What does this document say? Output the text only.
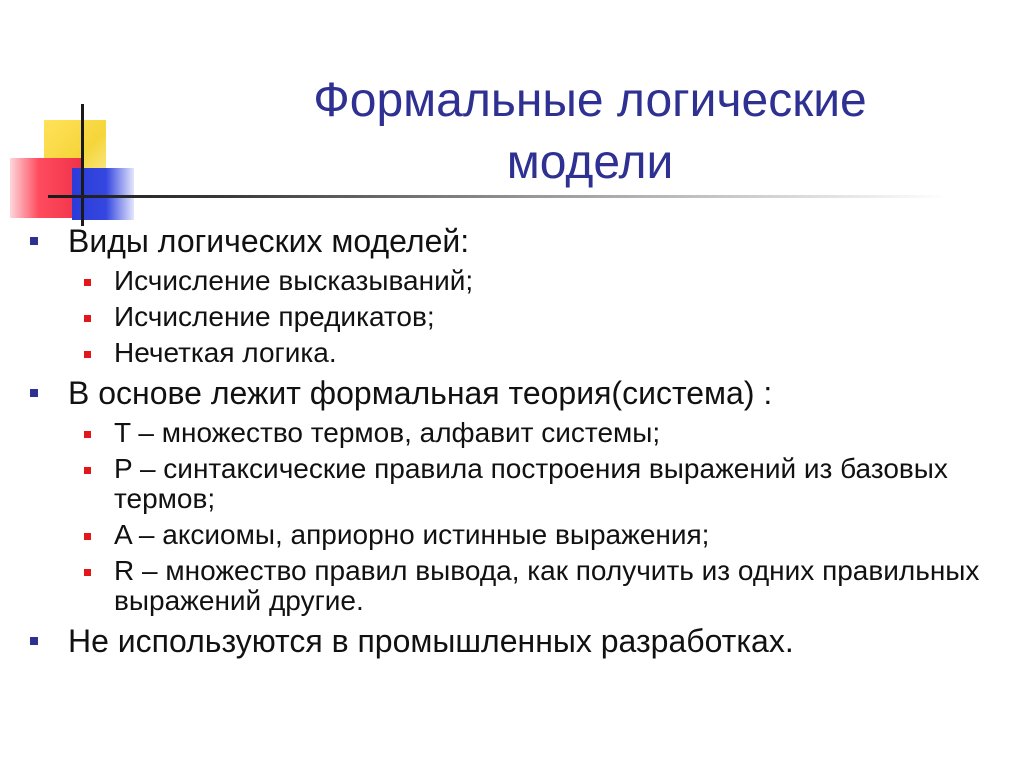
Формальные логические
модели
Виды логических моделей:
Исчисление высказываний;
Исчисление предикатов;
Нечеткая логика.
В основе лежит формальная теория(система) :
T – множество термов, алфавит системы;
P – синтаксические правила построения выражений из базовых термов;
A – аксиомы, априорно истинные выражения;
R – множество правил вывода, как получить из одних правильных выражений другие.
Не используются в промышленных разработках.
